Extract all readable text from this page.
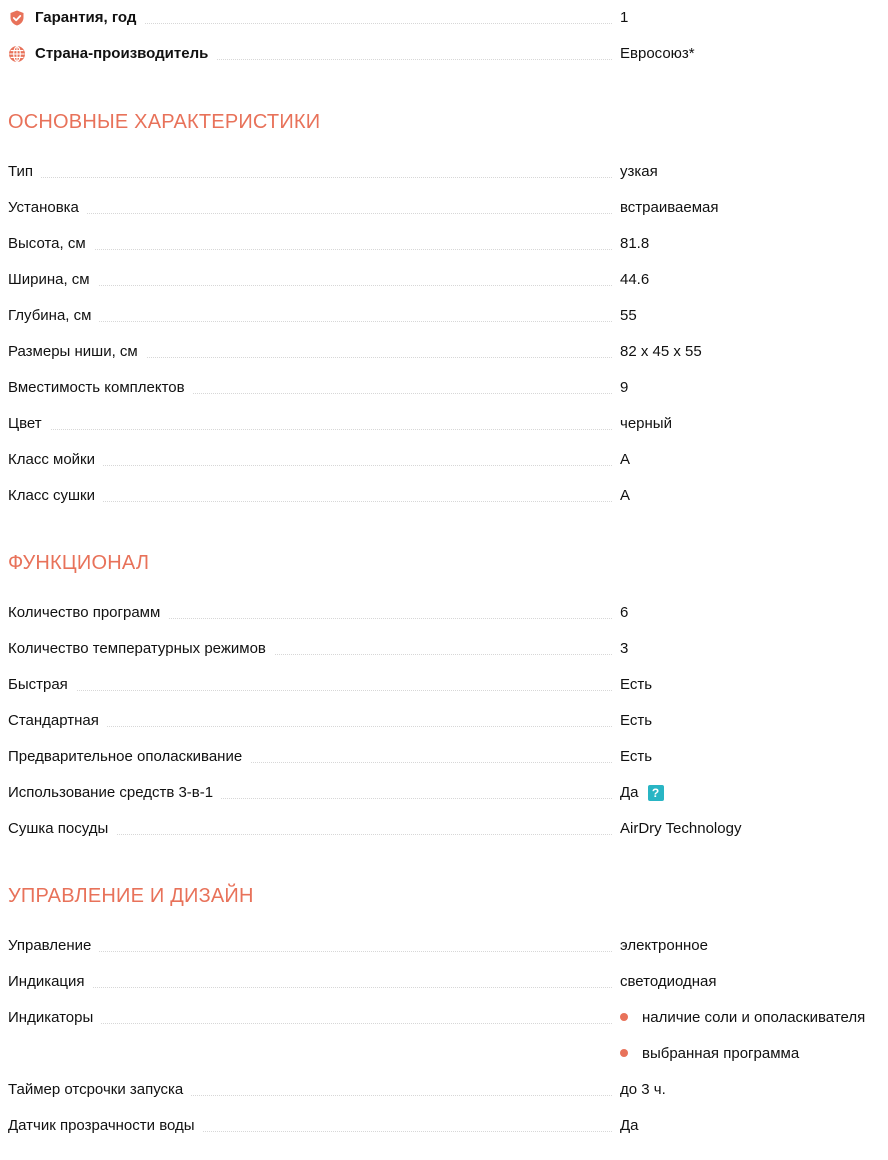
Гарантия, год	1
Страна-производитель	Евросоюз*
ОСНОВНЫЕ ХАРАКТЕРИСТИКИ
Тип	узкая
Установка	встраиваемая
Высота, см	81.8
Ширина, см	44.6
Глубина, см	55
Размеры ниши, см	82 х 45 х 55
Вместимость комплектов	9
Цвет	черный
Класс мойки	A
Класс сушки	A
ФУНКЦИОНАЛ
Количество программ	6
Количество температурных режимов	3
Быстрая	Есть
Стандартная	Есть
Предварительное ополаскивание	Есть
Использование средств 3-в-1	Да	?
Сушка посуды	AirDry Technology
УПРАВЛЕНИЕ И ДИЗАЙН
Управление	электронное
Индикация	светодиодная
Индикаторы	наличие соли и ополаскивателя
выбранная программа
Таймер отсрочки запуска	до 3 ч.
Датчик прозрачности воды	Да
